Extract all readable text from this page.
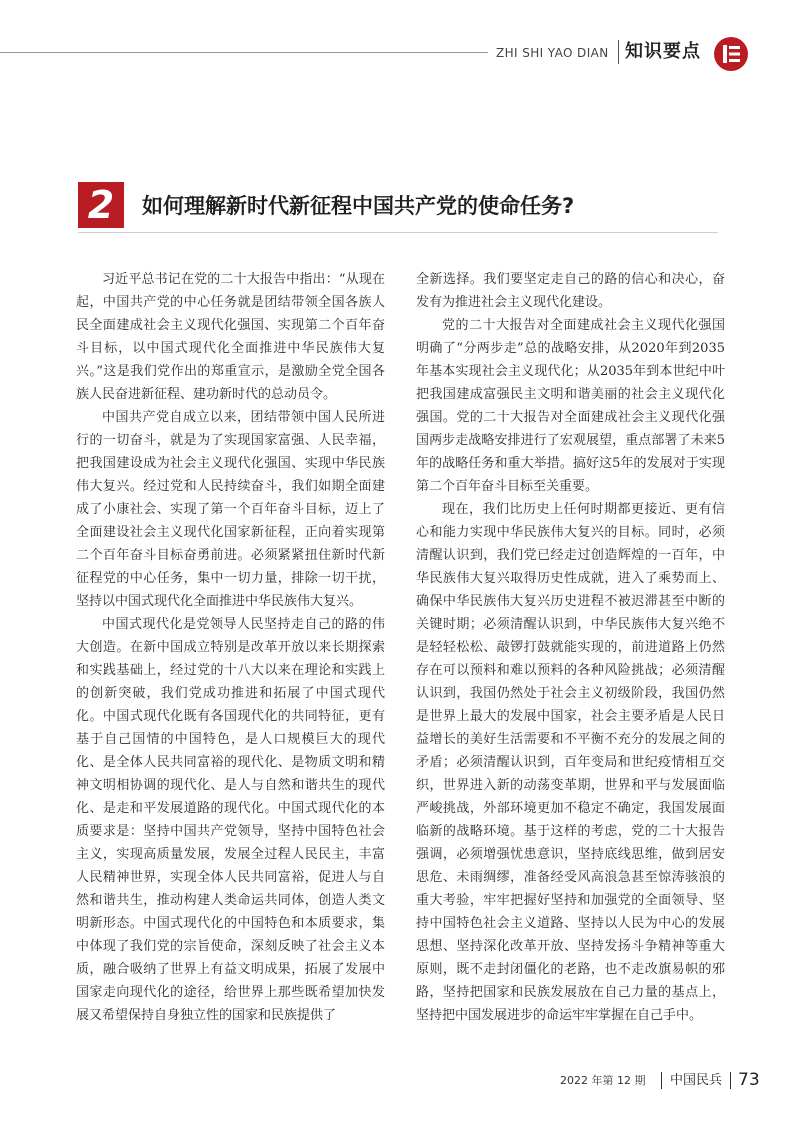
ZHI SHI YAO DIAN 知识要点
2	如何理解新时代新征程中国共产党的使命任务?

习近平总书记在党的二十大报告中指出：“从现在起，中国共产党的中心任务就是团结带领全国各族人民全面建成社会主义现代化强国、实现第二个百年奋斗目标，以中国式现代化全面推进中华民族伟大复兴。”这是我们党作出的郑重宣示，是激励全党全国各族人民奋进新征程、建功新时代的总动员令。

中国共产党自成立以来，团结带领中国人民所进行的一切奋斗，就是为了实现国家富强、人民幸福，把我国建设成为社会主义现代化强国、实现中华民族伟大复兴。经过党和人民持续奋斗，我们如期全面建成了小康社会、实现了第一个百年奋斗目标，迈上了全面建设社会主义现代化国家新征程，正向着实现第二个百年奋斗目标奋勇前进。必须紧紧扭住新时代新征程党的中心任务，集中一切力量，排除一切干扰，坚持以中国式现代化全面推进中华民族伟大复兴。

中国式现代化是党领导人民坚持走自己的路的伟大创造。在新中国成立特别是改革开放以来长期探索和实践基础上，经过党的十八大以来在理论和实践上的创新突破，我们党成功推进和拓展了中国式现代化。中国式现代化既有各国现代化的共同特征，更有基于自己国情的中国特色，是人口规模巨大的现代化、是全体人民共同富裕的现代化、是物质文明和精神文明相协调的现代化、是人与自然和谐共生的现代化、是走和平发展道路的现代化。中国式现代化的本质要求是：坚持中国共产党领导，坚持中国特色社会主义，实现高质量发展，发展全过程人民民主，丰富人民精神世界，实现全体人民共同富裕，促进人与自然和谐共生，推动构建人类命运共同体，创造人类文明新形态。中国式现代化的中国特色和本质要求，集中体现了我们党的宗旨使命，深刻反映了社会主义本质，融合吸纳了世界上有益文明成果，拓展了发展中国家走向现代化的途径，给世界上那些既希望加快发展又希望保持自身独立性的国家和民族提供了

全新选择。我们要坚定走自己的路的信心和决心，奋发有为推进社会主义现代化建设。

党的二十大报告对全面建成社会主义现代化强国明确了“分两步走”总的战略安排，从2020年到2035年基本实现社会主义现代化；从2035年到本世纪中叶把我国建成富强民主文明和谐美丽的社会主义现代化强国。党的二十大报告对全面建成社会主义现代化强国两步走战略安排进行了宏观展望，重点部署了未来5年的战略任务和重大举措。搞好这5年的发展对于实现第二个百年奋斗目标至关重要。

现在，我们比历史上任何时期都更接近、更有信心和能力实现中华民族伟大复兴的目标。同时，必须清醒认识到，我们党已经走过创造辉煌的一百年，中华民族伟大复兴取得历史性成就，进入了乘势而上、确保中华民族伟大复兴历史进程不被迟滞甚至中断的关键时期；必须清醒认识到，中华民族伟大复兴绝不是轻轻松松、敲锣打鼓就能实现的，前进道路上仍然存在可以预料和难以预料的各种风险挑战；必须清醒认识到，我国仍然处于社会主义初级阶段，我国仍然是世界上最大的发展中国家，社会主要矛盾是人民日益增长的美好生活需要和不平衡不充分的发展之间的矛盾；必须清醒认识到，百年变局和世纪疫情相互交织，世界进入新的动荡变革期，世界和平与发展面临严峻挑战，外部环境更加不稳定不确定，我国发展面临新的战略环境。基于这样的考虑，党的二十大报告强调，必须增强忧患意识，坚持底线思维，做到居安思危、未雨绸缪，准备经受风高浪急甚至惊涛骇浪的重大考验，牢牢把握好坚持和加强党的全面领导、坚持中国特色社会主义道路、坚持以人民为中心的发展思想、坚持深化改革开放、坚持发扬斗争精神等重大原则，既不走封闭僵化的老路，也不走改旗易帜的邪路，坚持把国家和民族发展放在自己力量的基点上，坚持把中国发展进步的命运牢牢掌握在自己手中。

2022 年第 12 期 中国民兵 73
